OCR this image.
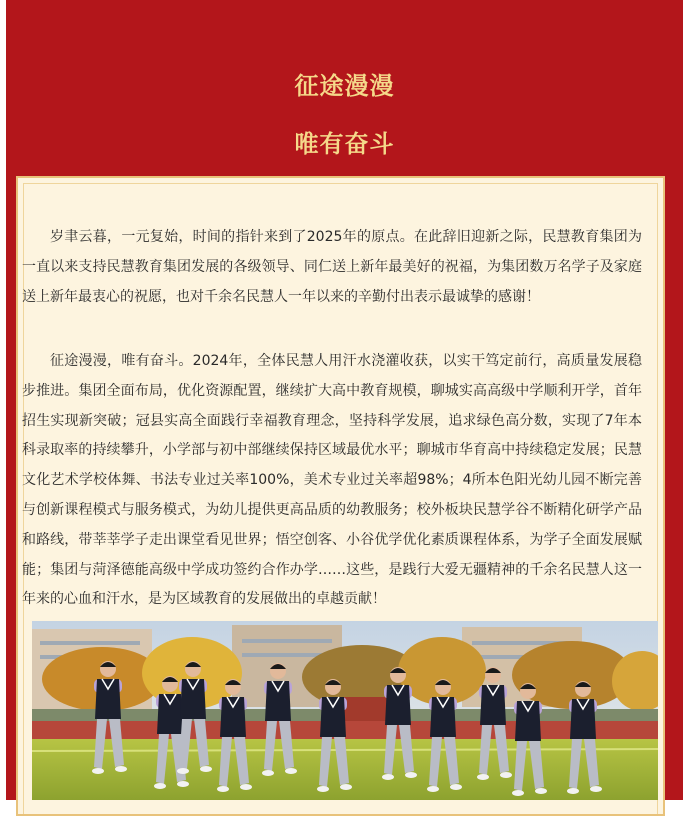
征途漫漫
唯有奋斗

岁聿云暮，一元复始，时间的指针来到了2025年的原点。在此辞旧迎新之际，民慧教育集团为一直以来支持民慧教育集团发展的各级领导、同仁送上新年最美好的祝福，为集团数万名学子及家庭送上新年最衷心的祝愿，也对千余名民慧人一年以来的辛勤付出表示最诚挚的感谢！

征途漫漫，唯有奋斗。2024年，全体民慧人用汗水浇灌收获，以实干笃定前行，高质量发展稳步推进。集团全面布局，优化资源配置，继续扩大高中教育规模，聊城实高高级中学顺利开学，首年招生实现新突破；冠县实高全面践行幸福教育理念，坚持科学发展，追求绿色高分数，实现了7年本科录取率的持续攀升，小学部与初中部继续保持区域最优水平；聊城市华育高中持续稳定发展；民慧文化艺术学校体舞、书法专业过关率100%，美术专业过关率超98%；4所本色阳光幼儿园不断完善与创新课程模式与服务模式，为幼儿提供更高品质的幼教服务；校外板块民慧学谷不断精化研学产品和路线，带莘莘学子走出课堂看见世界；悟空创客、小谷优学优化素质课程体系，为学子全面发展赋能；集团与菏泽德能高级中学成功签约合作办学……这些，是践行大爱无疆精神的千余名民慧人这一年来的心血和汗水，是为区域教育的发展做出的卓越贡献！
